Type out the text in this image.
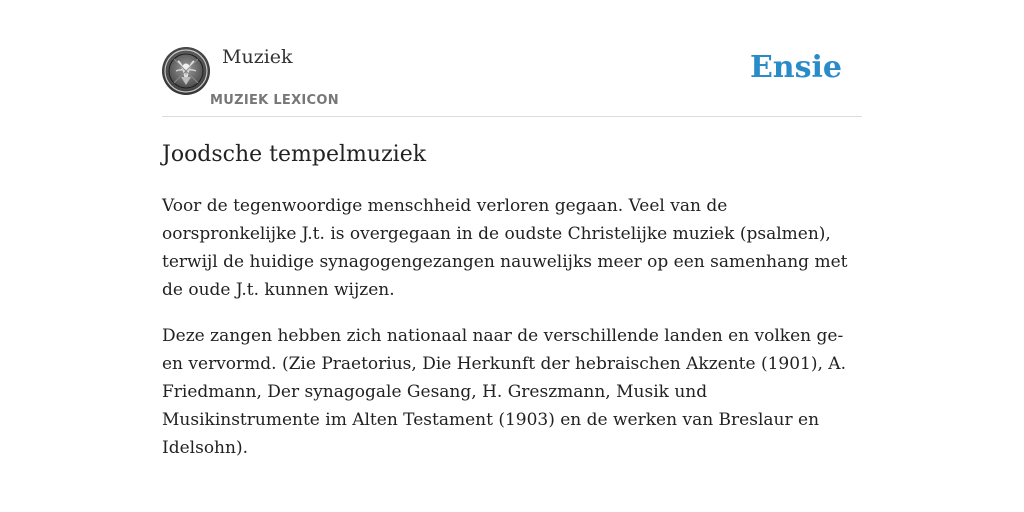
Muziek
MUZIEK LEXICON
Ensie
Joodsche tempelmuziek

Voor de tegenwoordige menschheid verloren gegaan. Veel van de oorspronkelijke J.t. is overgegaan in de oudste Christelijke muziek (psalmen), terwijl de huidige synagogengezangen nauwelijks meer op een samenhang met de oude J.t. kunnen wijzen.

Deze zangen hebben zich nationaal naar de verschillende landen en volken ge-en vervormd. (Zie Praetorius, Die Herkunft der hebraischen Akzente (1901), A. Friedmann, Der synagogale Gesang, H. Greszmann, Musik und Musikinstrumente im Alten Testament (1903) en de werken van Breslaur en Idelsohn).
